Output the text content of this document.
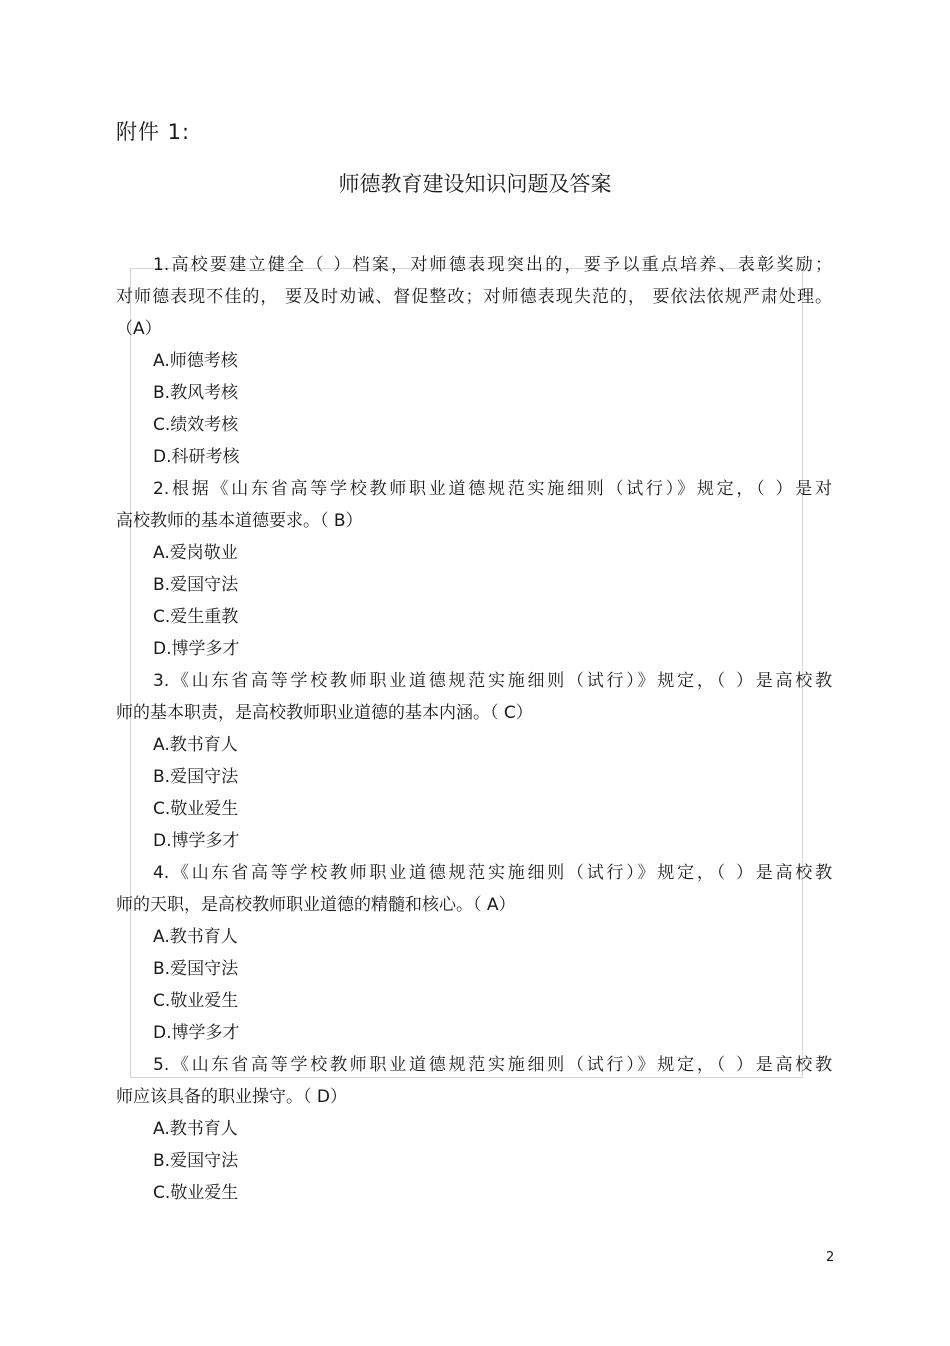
附件 1:
师德教育建设知识问题及答案
1.高校要建立健全（ ）档案，对师德表现突出的，要予以重点培养、表彰奖励；
对师德表现不佳的， 要及时劝诫、督促整改；对师德表现失范的， 要依法依规严肃处理。
（A）
A.师德考核
B.教风考核
C.绩效考核
D.科研考核
2.根据《山东省高等学校教师职业道德规范实施细则（试行）》规定，（ ）是对
高校教师的基本道德要求。（ B）
A.爱岗敬业
B.爱国守法
C.爱生重教
D.博学多才
3.《山东省高等学校教师职业道德规范实施细则（试行）》规定，（ ）是高校教
师的基本职责，是高校教师职业道德的基本内涵。（ C）
A.教书育人
B.爱国守法
C.敬业爱生
D.博学多才
4.《山东省高等学校教师职业道德规范实施细则（试行）》规定，（ ）是高校教
师的天职，是高校教师职业道德的精髓和核心。（ A）
A.教书育人
B.爱国守法
C.敬业爱生
D.博学多才
5.《山东省高等学校教师职业道德规范实施细则（试行）》规定，（ ）是高校教
师应该具备的职业操守。（ D）
A.教书育人
B.爱国守法
C.敬业爱生
2
